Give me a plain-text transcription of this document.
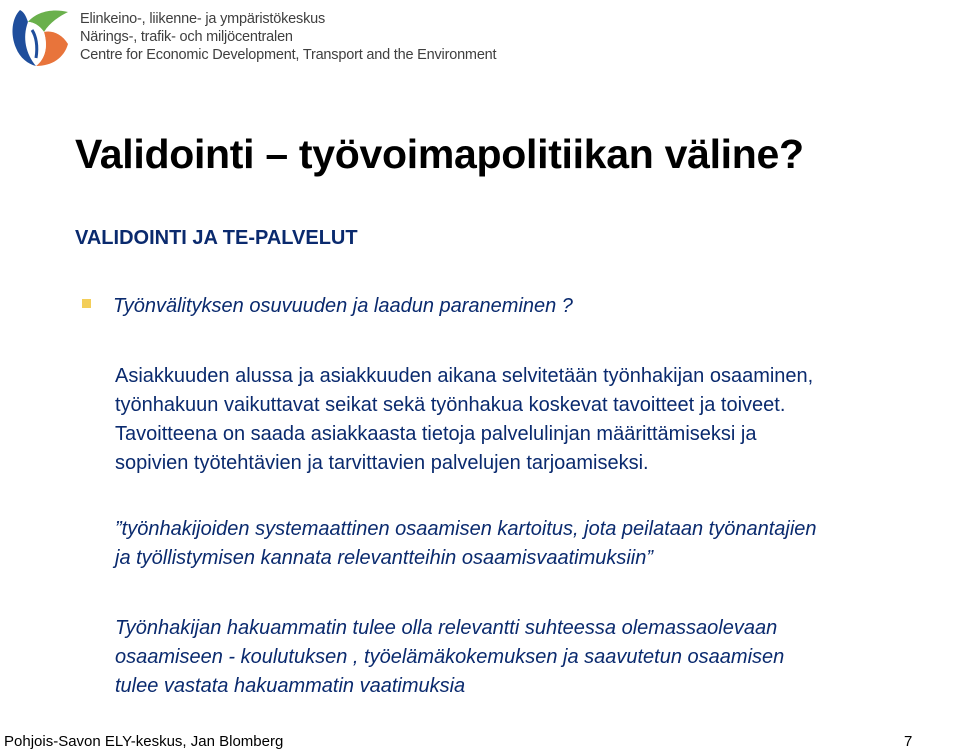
Elinkeino-, liikenne- ja ympäristökeskus
Närings-, trafik- och miljöcentralen
Centre for Economic Development, Transport and the Environment
Validointi – työvoimapolitiikan väline?
VALIDOINTI JA TE-PALVELUT
Työnvälityksen osuvuuden ja laadun paraneminen ?
Asiakkuuden alussa ja asiakkuuden aikana selvitetään työnhakijan osaaminen,
työnhakuun vaikuttavat seikat sekä työnhakua koskevat tavoitteet ja toiveet.
Tavoitteena on saada asiakkaasta tietoja palvelulinjan määrittämiseksi ja
sopivien työtehtävien ja tarvittavien palvelujen tarjoamiseksi.
”työnhakijoiden systemaattinen osaamisen kartoitus, jota peilataan työnantajien
ja työllistymisen kannata relevantteihin osaamisvaatimuksiin”
Työnhakijan hakuammatin tulee olla relevantti suhteessa olemassaolevaan
osaamiseen - koulutuksen , työelämäkokemuksen ja saavutetun osaamisen
tulee vastata hakuammatin vaatimuksia
Pohjois-Savon ELY-keskus, Jan Blomberg	7
